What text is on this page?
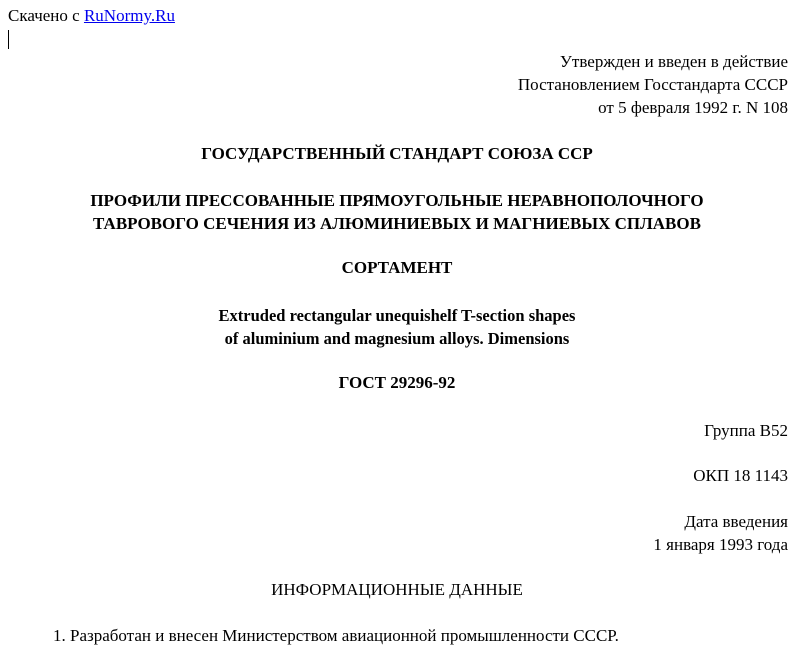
Скачено с RuNormy.Ru
Утвержден и введен в действие
Постановлением Госстандарта СССР
от 5 февраля 1992 г. N 108
ГОСУДАРСТВЕННЫЙ СТАНДАРТ СОЮЗА ССР
ПРОФИЛИ ПРЕССОВАННЫЕ ПРЯМОУГОЛЬНЫЕ НЕРАВНОПОЛОЧНОГО
ТАВРОВОГО СЕЧЕНИЯ ИЗ АЛЮМИНИЕВЫХ И МАГНИЕВЫХ СПЛАВОВ
СОРТАМЕНТ
Extruded rectangular unequishelf T-section shapes
of aluminium and magnesium alloys. Dimensions
ГОСТ 29296-92
Группа В52
ОКП 18 1143
Дата введения
1 января 1993 года
ИНФОРМАЦИОННЫЕ ДАННЫЕ
1. Разработан и внесен Министерством авиационной промышленности СССР.
